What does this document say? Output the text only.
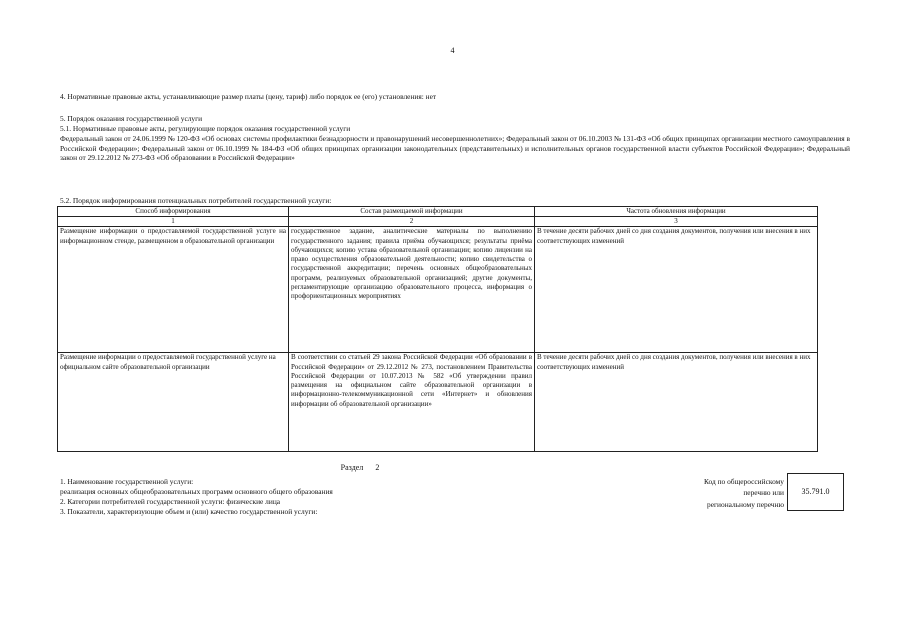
4

4. Нормативные правовые акты, устанавливающие размер платы (цену, тариф) либо порядок ее (его) установления: нет

5. Порядок оказания государственной услуги

5.1. Нормативные правовые акты, регулирующие порядок оказания государственной услуги

Федеральный закон от 24.06.1999 № 120-ФЗ «Об основах системы профилактики безнадзорности и правонарушений несовершеннолетних»; Федеральный закон от 06.10.2003 № 131-ФЗ «Об общих принципах организации местного самоуправления в Российской Федерации»; Федеральный закон от 06.10.1999 № 184-ФЗ «Об общих принципах организации законодательных (представительных) и исполнительных органов государственной власти субъектов Российской Федерации»; Федеральный закон от 29.12.2012 № 273-ФЗ «Об образовании в Российской Федерации»

5.2. Порядок информирования потенциальных потребителей государственной услуги:
Способ информирования	Состав размещаемой информации	Частота обновления информации
1	2	3
Размещение информации о предоставляемой государственной услуге на информационном стенде, размещенном в образовательной организации	государственное задание, аналитические материалы по выполнению государственного задания; правила приёма обучающихся; результаты приёма обучающихся; копию устава образовательной организации; копию лицензии на право осуществления образовательной деятельности; копию свидетельства о государственной аккредитации; перечень основных общеобразовательных программ, реализуемых образовательной организацией; другие документы, регламентирующие организацию образовательного процесса, информация о профориентационных мероприятиях	В течение десяти рабочих дней со дня создания документов, получения или внесения в них соответствующих изменений
Размещение информации о предоставляемой государственной услуге на официальном сайте образовательной организации	В соответствии со статьей 29 закона Российской Федерации «Об образовании в Российской Федерации» от 29.12.2012 № 273, постановлением Правительства Российской Федерации от 10.07.2013 № 582 «Об утверждении правил размещения на официальном сайте образовательной организации в информационно-телекоммуникационной сети «Интернет» и обновления информации об образовательной организации»	В течение десяти рабочих дней со дня создания документов, получения или внесения в них соответствующих изменений
Раздел 2

1. Наименование государственной услуги:

реализация основных общеобразовательных программ основного общего образования

2. Категории потребителей государственной услуги: физические лица

3. Показатели, характеризующие объем и (или) качество государственной услуги:

Код по общероссийскому
перечню или
региональному перечню
35.791.0
